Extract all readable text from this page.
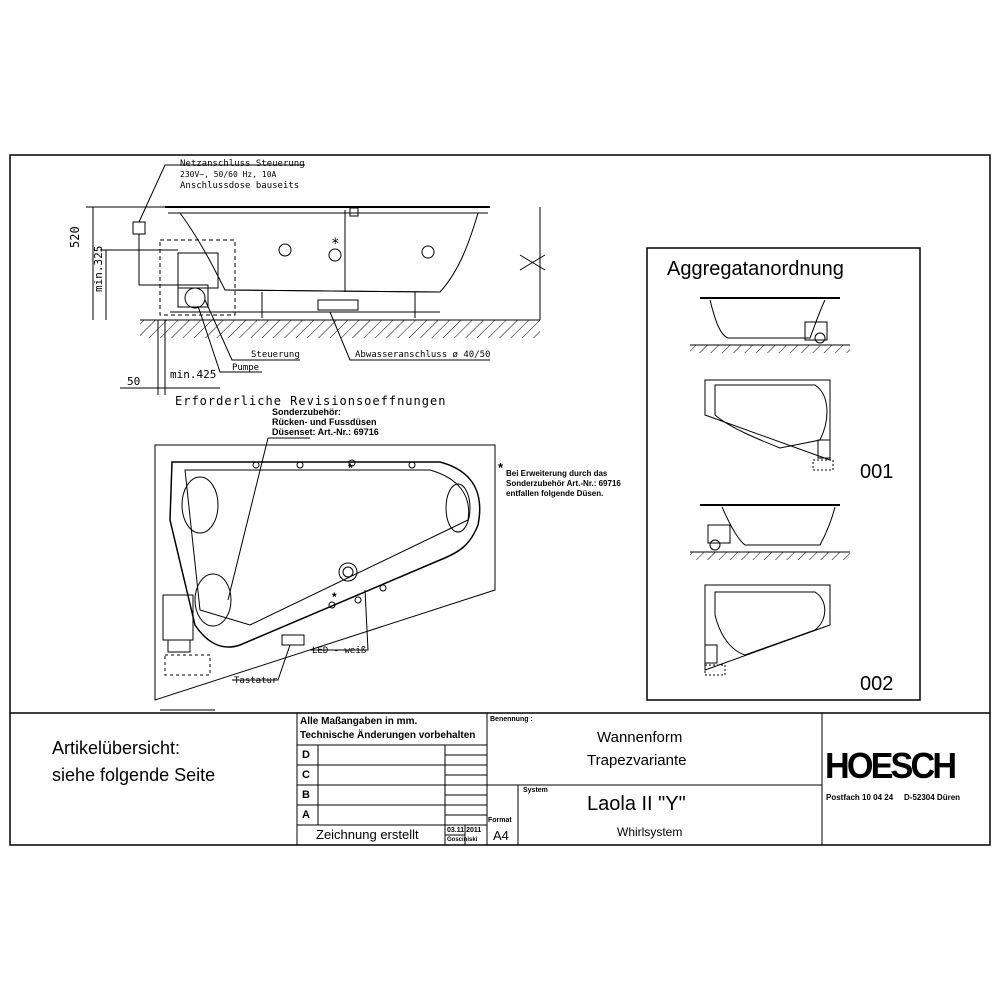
Netzanschluss Steuerung
230V~, 50/60 Hz, 10A
Anschlussdose bauseits
520
min.325
*
Steuerung
Pumpe
Abwasseranschluss ø 40/50
50
min.425
Erforderliche Revisionsoeffnungen
Sonderzubehör:
Rücken- und Fussdüsen
Düsenset: Art.-Nr.: 69716
* Bei Erweiterung durch das
Sonderzubehör Art.-Nr.: 69716
entfallen folgende Düsen.
*
*
LED - weiß
Tastatur
Aggregatanordnung
001
002
Artikelübersicht:
siehe folgende Seite
Alle Maßangaben in mm.
Technische Änderungen vorbehalten
D
C
B
A
Zeichnung erstellt	03.11.2011
Gosciniski
Format
A4
Benennung :
Wannenform
Trapezvariante
System
Laola II "Y"
Whirlsystem
HOESCH
Postfach 10 04 24 D-52304 Düren
